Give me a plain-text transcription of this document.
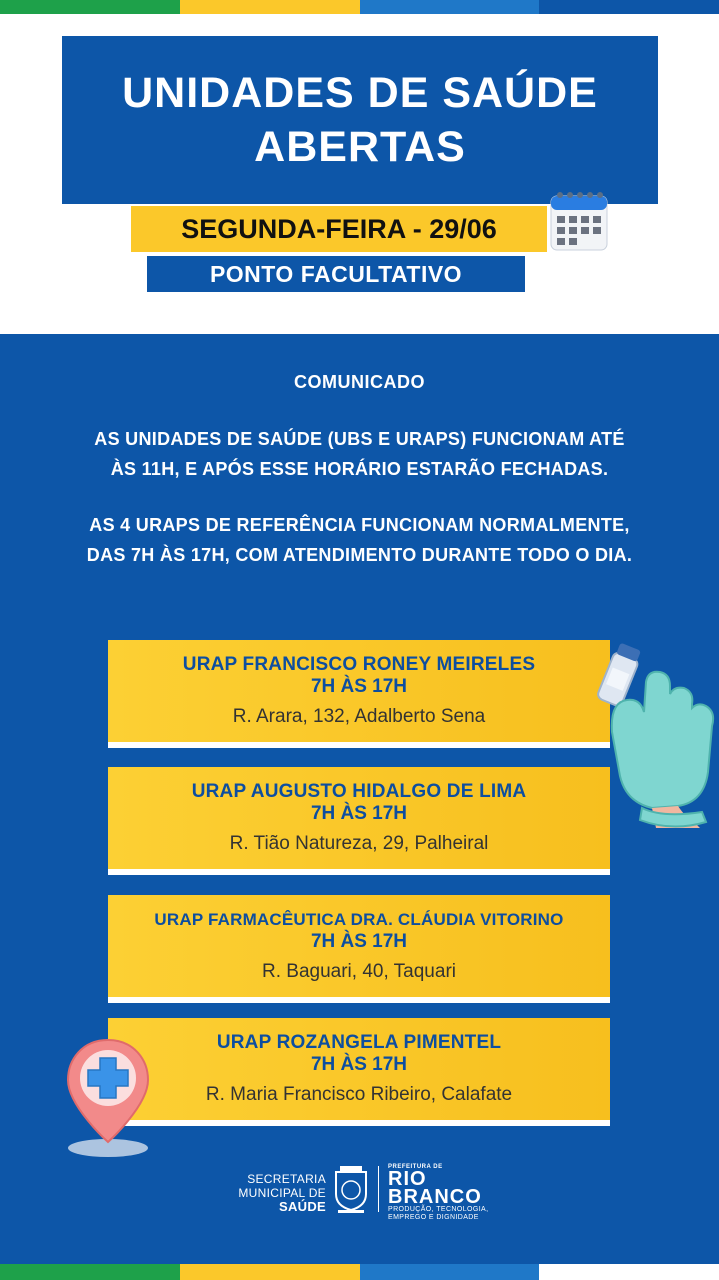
UNIDADES DE SAÚDE
ABERTAS
SEGUNDA-FEIRA - 29/06
PONTO FACULTATIVO
COMUNICADO
AS UNIDADES DE SAÚDE (UBS E URAPS) FUNCIONAM ATÉ
ÀS 11H, E APÓS ESSE HORÁRIO ESTARÃO FECHADAS.
AS 4 URAPS DE REFERÊNCIA FUNCIONAM NORMALMENTE,
DAS 7H ÀS 17H, COM ATENDIMENTO DURANTE TODO O DIA.
URAP FRANCISCO RONEY MEIRELES
7H ÀS 17H
R. Arara, 132, Adalberto Sena
URAP AUGUSTO HIDALGO DE LIMA
7H ÀS 17H
R. Tião Natureza, 29, Palheiral
URAP FARMACÊUTICA DRA. CLÁUDIA VITORINO
7H ÀS 17H
R. Baguari, 40, Taquari
URAP ROZANGELA PIMENTEL
7H ÀS 17H
R. Maria Francisco Ribeiro, Calafate
SECRETARIA
MUNICIPAL DE
SAÚDE
PREFEITURA DE
RIO
BRANCO
PRODUÇÃO, TECNOLOGIA,
EMPREGO E DIGNIDADE
